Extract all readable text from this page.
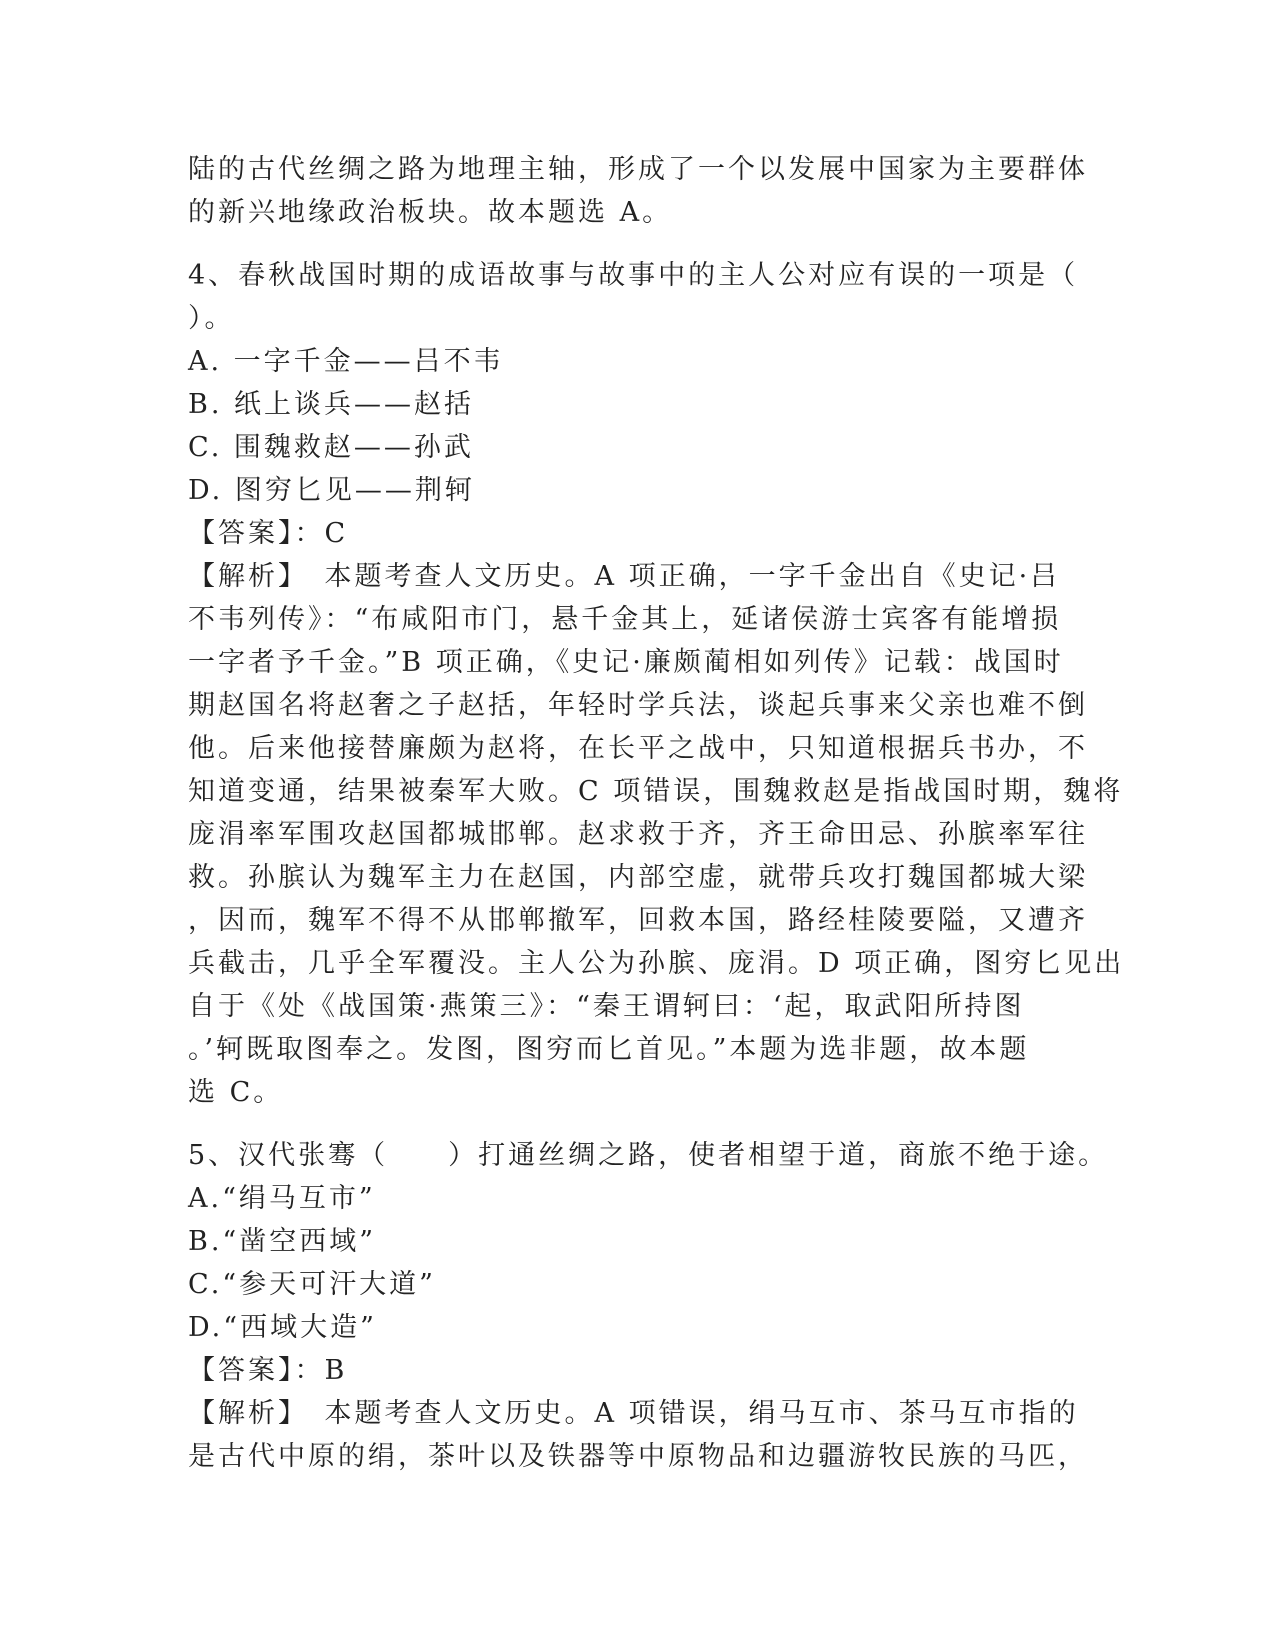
陆的古代丝绸之路为地理主轴，形成了一个以发展中国家为主要群体

的新兴地缘政治板块。故本题选 A。

4、春秋战国时期的成语故事与故事中的主人公对应有误的一项是（

）。

A. 一字千金——吕不韦

B. 纸上谈兵——赵括

C. 围魏救赵——孙武

D. 图穷匕见——荆轲

【答案】：C

【解析】　本题考查人文历史。A 项正确，一字千金出自《史记·吕

不韦列传》：“布咸阳市门，悬千金其上，延诸侯游士宾客有能增损

一字者予千金。”B 项正确，《史记·廉颇蔺相如列传》记载：战国时

期赵国名将赵奢之子赵括，年轻时学兵法，谈起兵事来父亲也难不倒

他。后来他接替廉颇为赵将，在长平之战中，只知道根据兵书办，不

知道变通，结果被秦军大败。C 项错误，围魏救赵是指战国时期，魏将

庞涓率军围攻赵国都城邯郸。赵求救于齐，齐王命田忌、孙膑率军往

救。孙膑认为魏军主力在赵国，内部空虚，就带兵攻打魏国都城大梁

，因而，魏军不得不从邯郸撤军，回救本国，路经桂陵要隘，又遭齐

兵截击，几乎全军覆没。主人公为孙膑、庞涓。D 项正确，图穷匕见出

自于《处《战国策·燕策三》：“秦王谓轲曰：‘起，取武阳所持图

。’轲既取图奉之。发图，图穷而匕首见。”本题为选非题，故本题

选 C。

5、汉代张骞（　　）打通丝绸之路，使者相望于道，商旅不绝于途。

A.“绢马互市”

B.“凿空西域”

C.“参天可汗大道”

D.“西域大造”

【答案】：B

【解析】　本题考查人文历史。A 项错误，绢马互市、茶马互市指的

是古代中原的绢，茶叶以及铁器等中原物品和边疆游牧民族的马匹，
